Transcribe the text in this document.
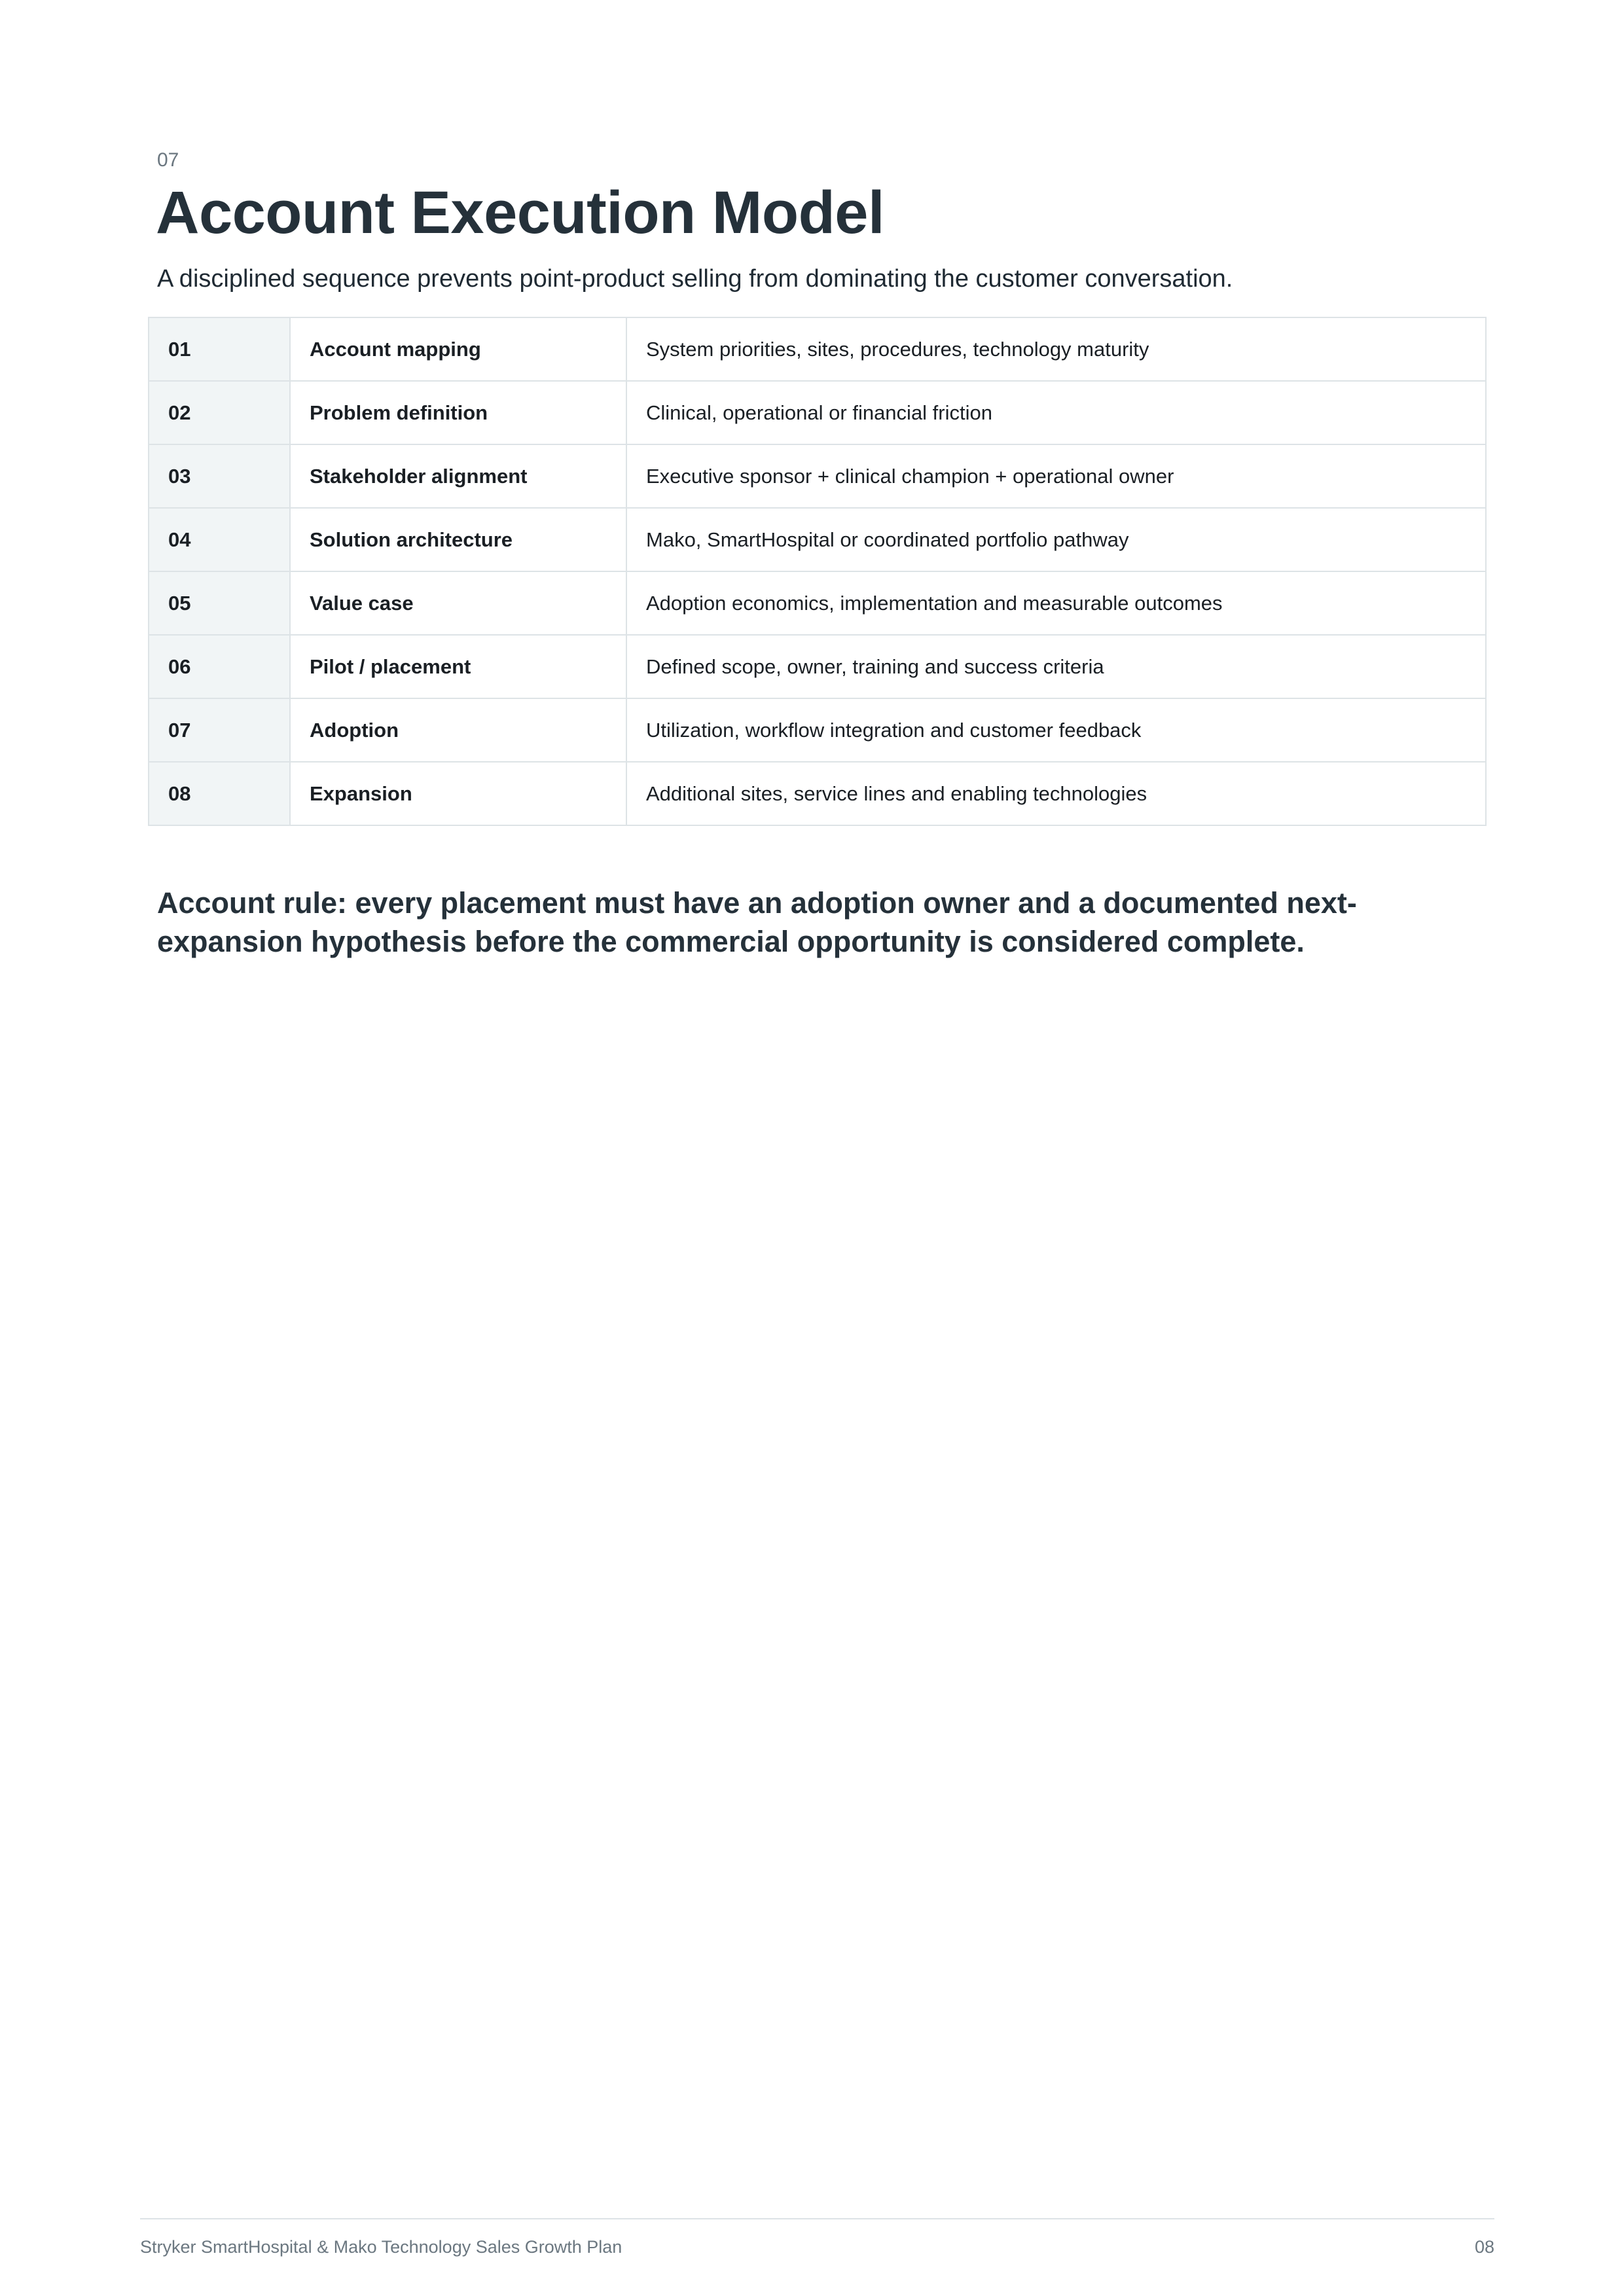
07
Account Execution Model
A disciplined sequence prevents point-product selling from dominating the customer conversation.
01	Account mapping	System priorities, sites, procedures, technology maturity
02	Problem definition	Clinical, operational or financial friction
03	Stakeholder alignment	Executive sponsor + clinical champion + operational owner
04	Solution architecture	Mako, SmartHospital or coordinated portfolio pathway
05	Value case	Adoption economics, implementation and measurable outcomes
06	Pilot / placement	Defined scope, owner, training and success criteria
07	Adoption	Utilization, workflow integration and customer feedback
08	Expansion	Additional sites, service lines and enabling technologies
Account rule: every placement must have an adoption owner and a documented next-expansion hypothesis before the commercial opportunity is considered complete.
Stryker SmartHospital & Mako Technology Sales Growth Plan	08
